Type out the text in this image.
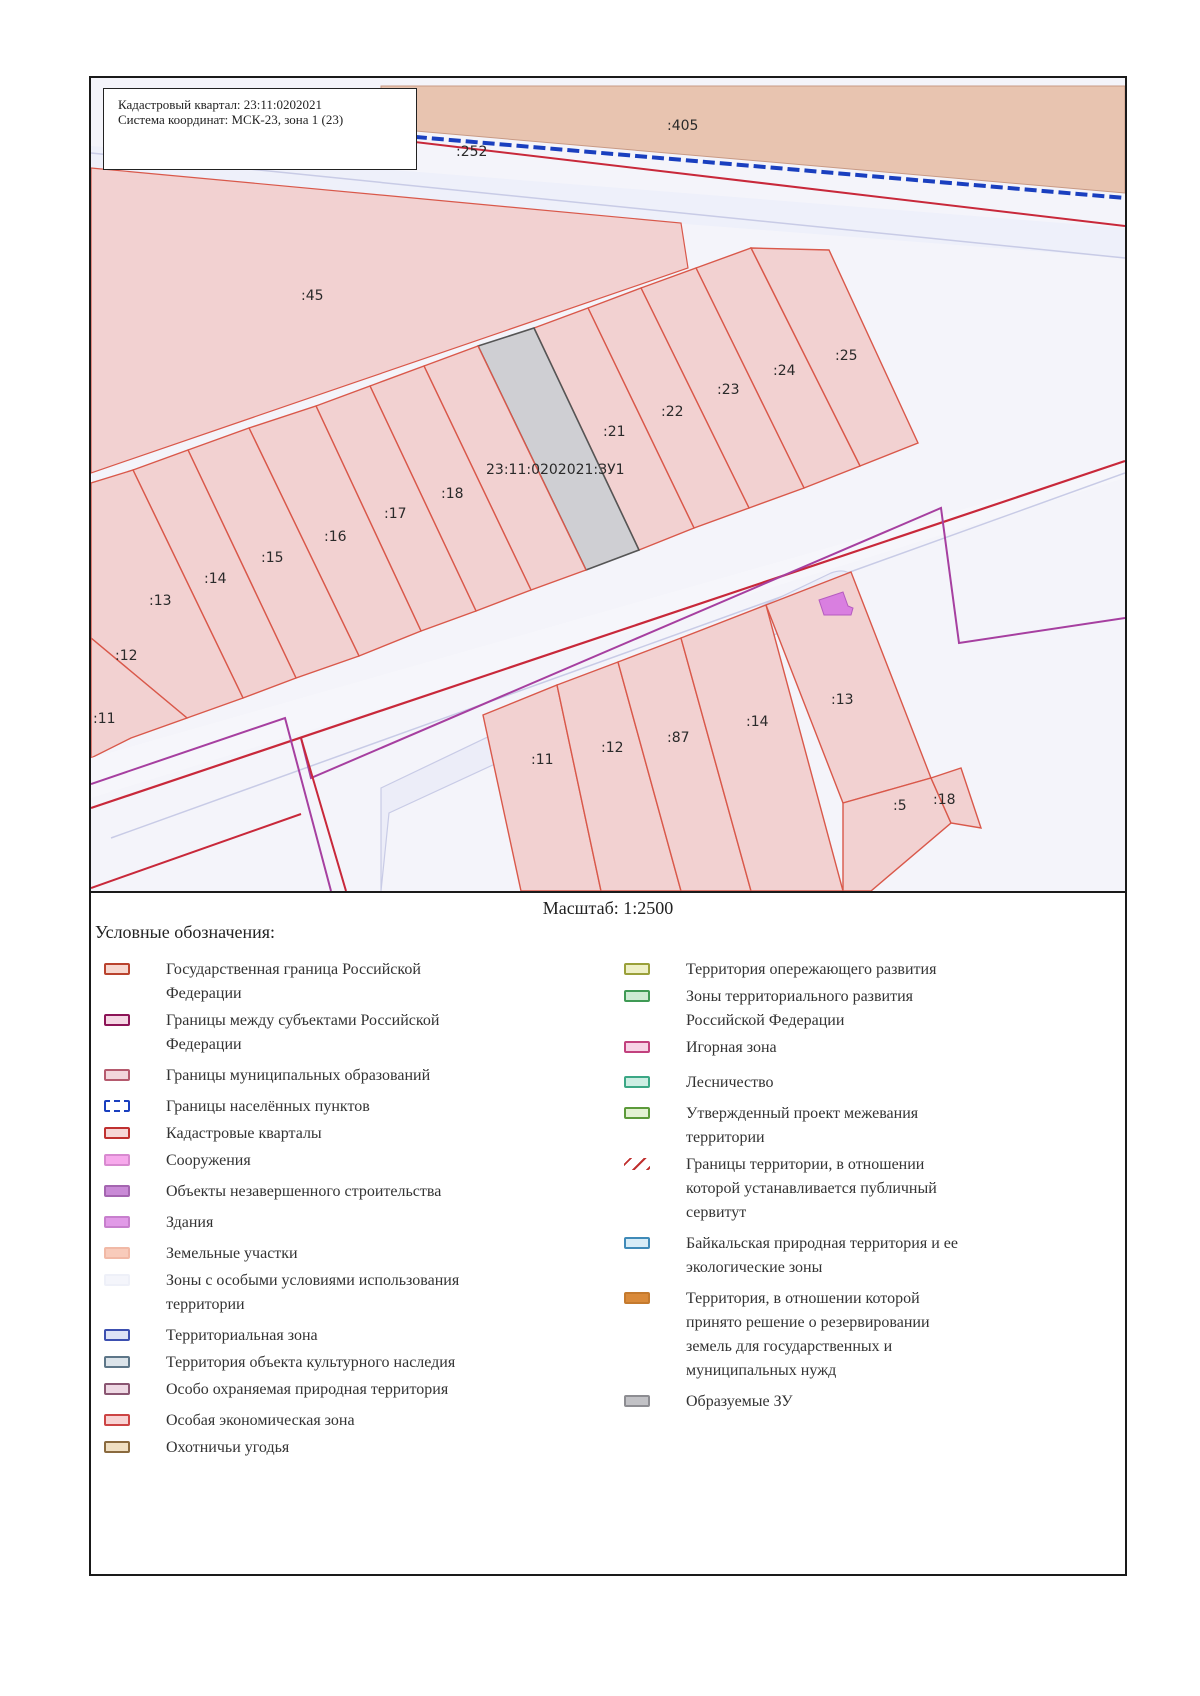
:405
:252
:45
:25
:24
:23
:22
:21
23:11:0202021:ЗУ1
:18
:17
:16
:15
:14
:13
:12
:11
:11
:12
:87
:14
:13
:5 :18
Кадастровый квартал: 23:11:0202021
Система координат: МСК-23, зона 1 (23)
Масштаб: 1:2500
Условные обозначения:
Государственная граница Российской Федерации
Границы между субъектами Российской Федерации
Границы муниципальных образований
Границы населённых пунктов
Кадастровые кварталы
Сооружения
Объекты незавершенного строительства
Здания
Земельные участки
Зоны с особыми условиями использования территории
Территориальная зона
Территория объекта культурного наследия
Особо охраняемая природная территория
Особая экономическая зона
Охотничьи угодья
Территория опережающего развития
Зоны территориального развития Российской Федерации
Игорная зона
Лесничество
Утвержденный проект межевания территории
Границы территории, в отношении которой устанавливается публичный сервитут
Байкальская природная территория и ее экологические зоны
Территория, в отношении которой принято решение о резервировании земель для государственных и муниципальных нужд
Образуемые ЗУ
